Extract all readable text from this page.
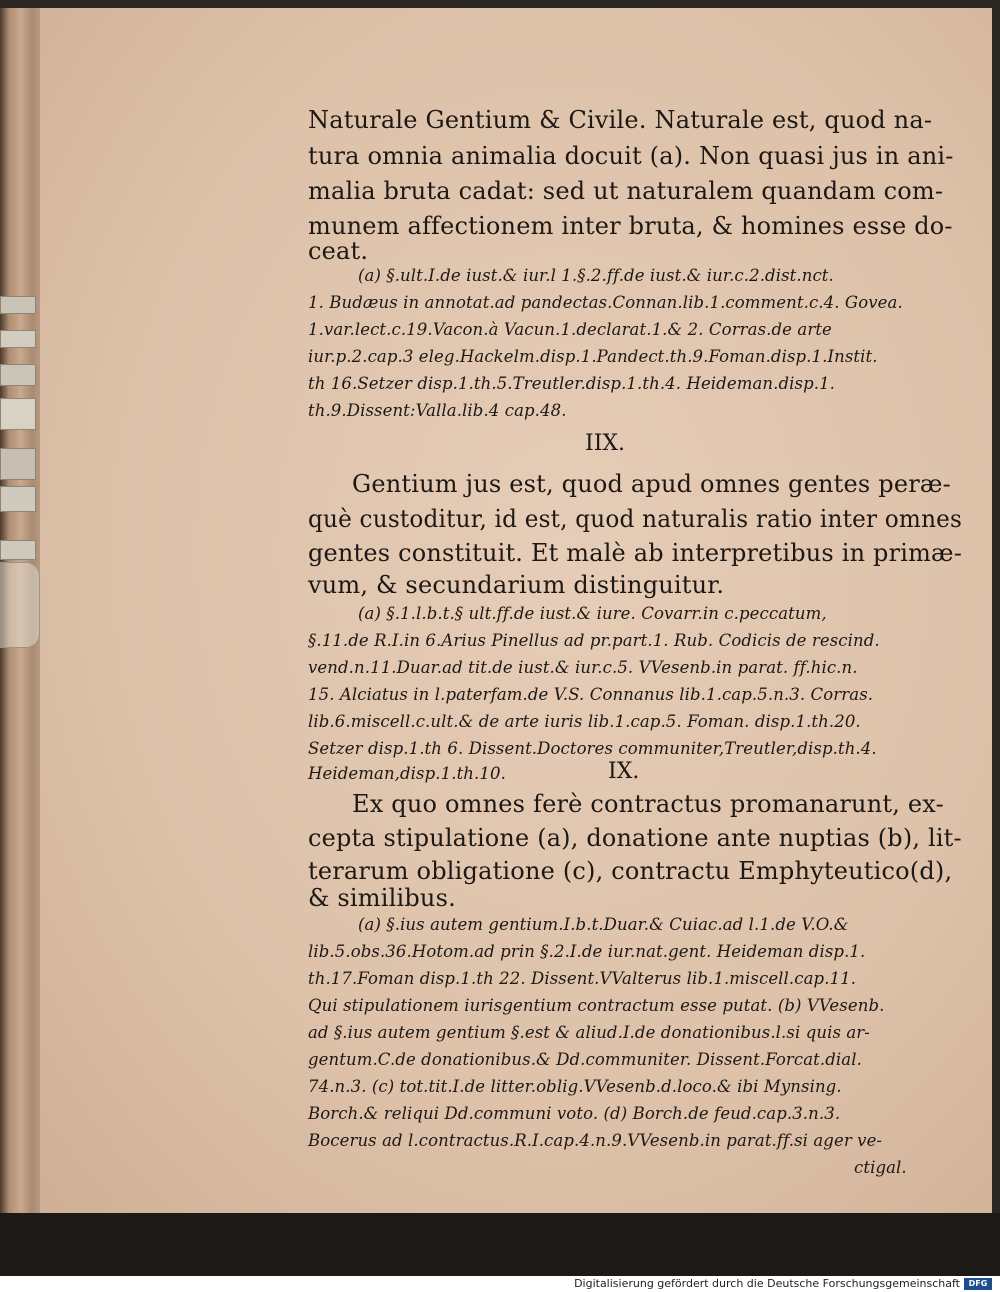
Naturale Gentium & Civile. Naturale est, quod na-

tura omnia animalia docuit (a). Non quasi jus in ani-

malia bruta cadat: sed ut naturalem quandam com-

munem affectionem inter bruta, & homines esse do-

ceat.

(a) §.ult.I.de iust.& iur.l 1.§.2.ff.de iust.& iur.c.2.dist.nct.

1. Budæus in annotat.ad pandectas.Connan.lib.1.comment.c.4. Govea.

1.var.lect.c.19.Vacon.à Vacun.1.declarat.1.& 2. Corras.de arte

iur.p.2.cap.3 eleg.Hackelm.disp.1.Pandect.th.9.Foman.disp.1.Instit.

th 16.Setzer disp.1.th.5.Treutler.disp.1.th.4. Heideman.disp.1.

th.9.Dissent:Valla.lib.4 cap.48.

IIX.

Gentium jus est, quod apud omnes gentes peræ-

què custoditur, id est, quod naturalis ratio inter omnes

gentes constituit. Et malè ab interpretibus in primæ-

vum, & secundarium distinguitur.

(a) §.1.l.b.t.§ ult.ff.de iust.& iure. Covarr.in c.peccatum,

§.11.de R.I.in 6.Arius Pinellus ad pr.part.1. Rub. Codicis de rescind.

vend.n.11.Duar.ad tit.de iust.& iur.c.5. VVesenb.in parat. ff.hic.n.

15. Alciatus in l.paterfam.de V.S. Connanus lib.1.cap.5.n.3. Corras.

lib.6.miscell.c.ult.& de arte iuris lib.1.cap.5. Foman. disp.1.th.20.

Setzer disp.1.th 6. Dissent.Doctores communiter,Treutler,disp.th.4.

Heideman,disp.1.th.10.	IX.

Ex quo omnes ferè contractus promanarunt, ex-

cepta stipulatione (a), donatione ante nuptias (b), lit-

terarum obligatione (c), contractu Emphyteutico(d),

& similibus.

(a) §.ius autem gentium.I.b.t.Duar.& Cuiac.ad l.1.de V.O.&

lib.5.obs.36.Hotom.ad prin §.2.I.de iur.nat.gent. Heideman disp.1.

th.17.Foman disp.1.th 22. Dissent.VValterus lib.1.miscell.cap.11.

Qui stipulationem iurisgentium contractum esse putat. (b) VVesenb.

ad §.ius autem gentium §.est & aliud.I.de donationibus.l.si quis ar-

gentum.C.de donationibus.& Dd.communiter. Dissent.Forcat.dial.

74.n.3. (c) tot.tit.I.de litter.oblig.VVesenb.d.loco.& ibi Mynsing.

Borch.& reliqui Dd.communi voto. (d) Borch.de feud.cap.3.n.3.

Bocerus ad l.contractus.R.I.cap.4.n.9.VVesenb.in parat.ff.si ager ve-

ctigal.

Digitalisierung gefördert durch die Deutsche Forschungsgemeinschaft	DFG
